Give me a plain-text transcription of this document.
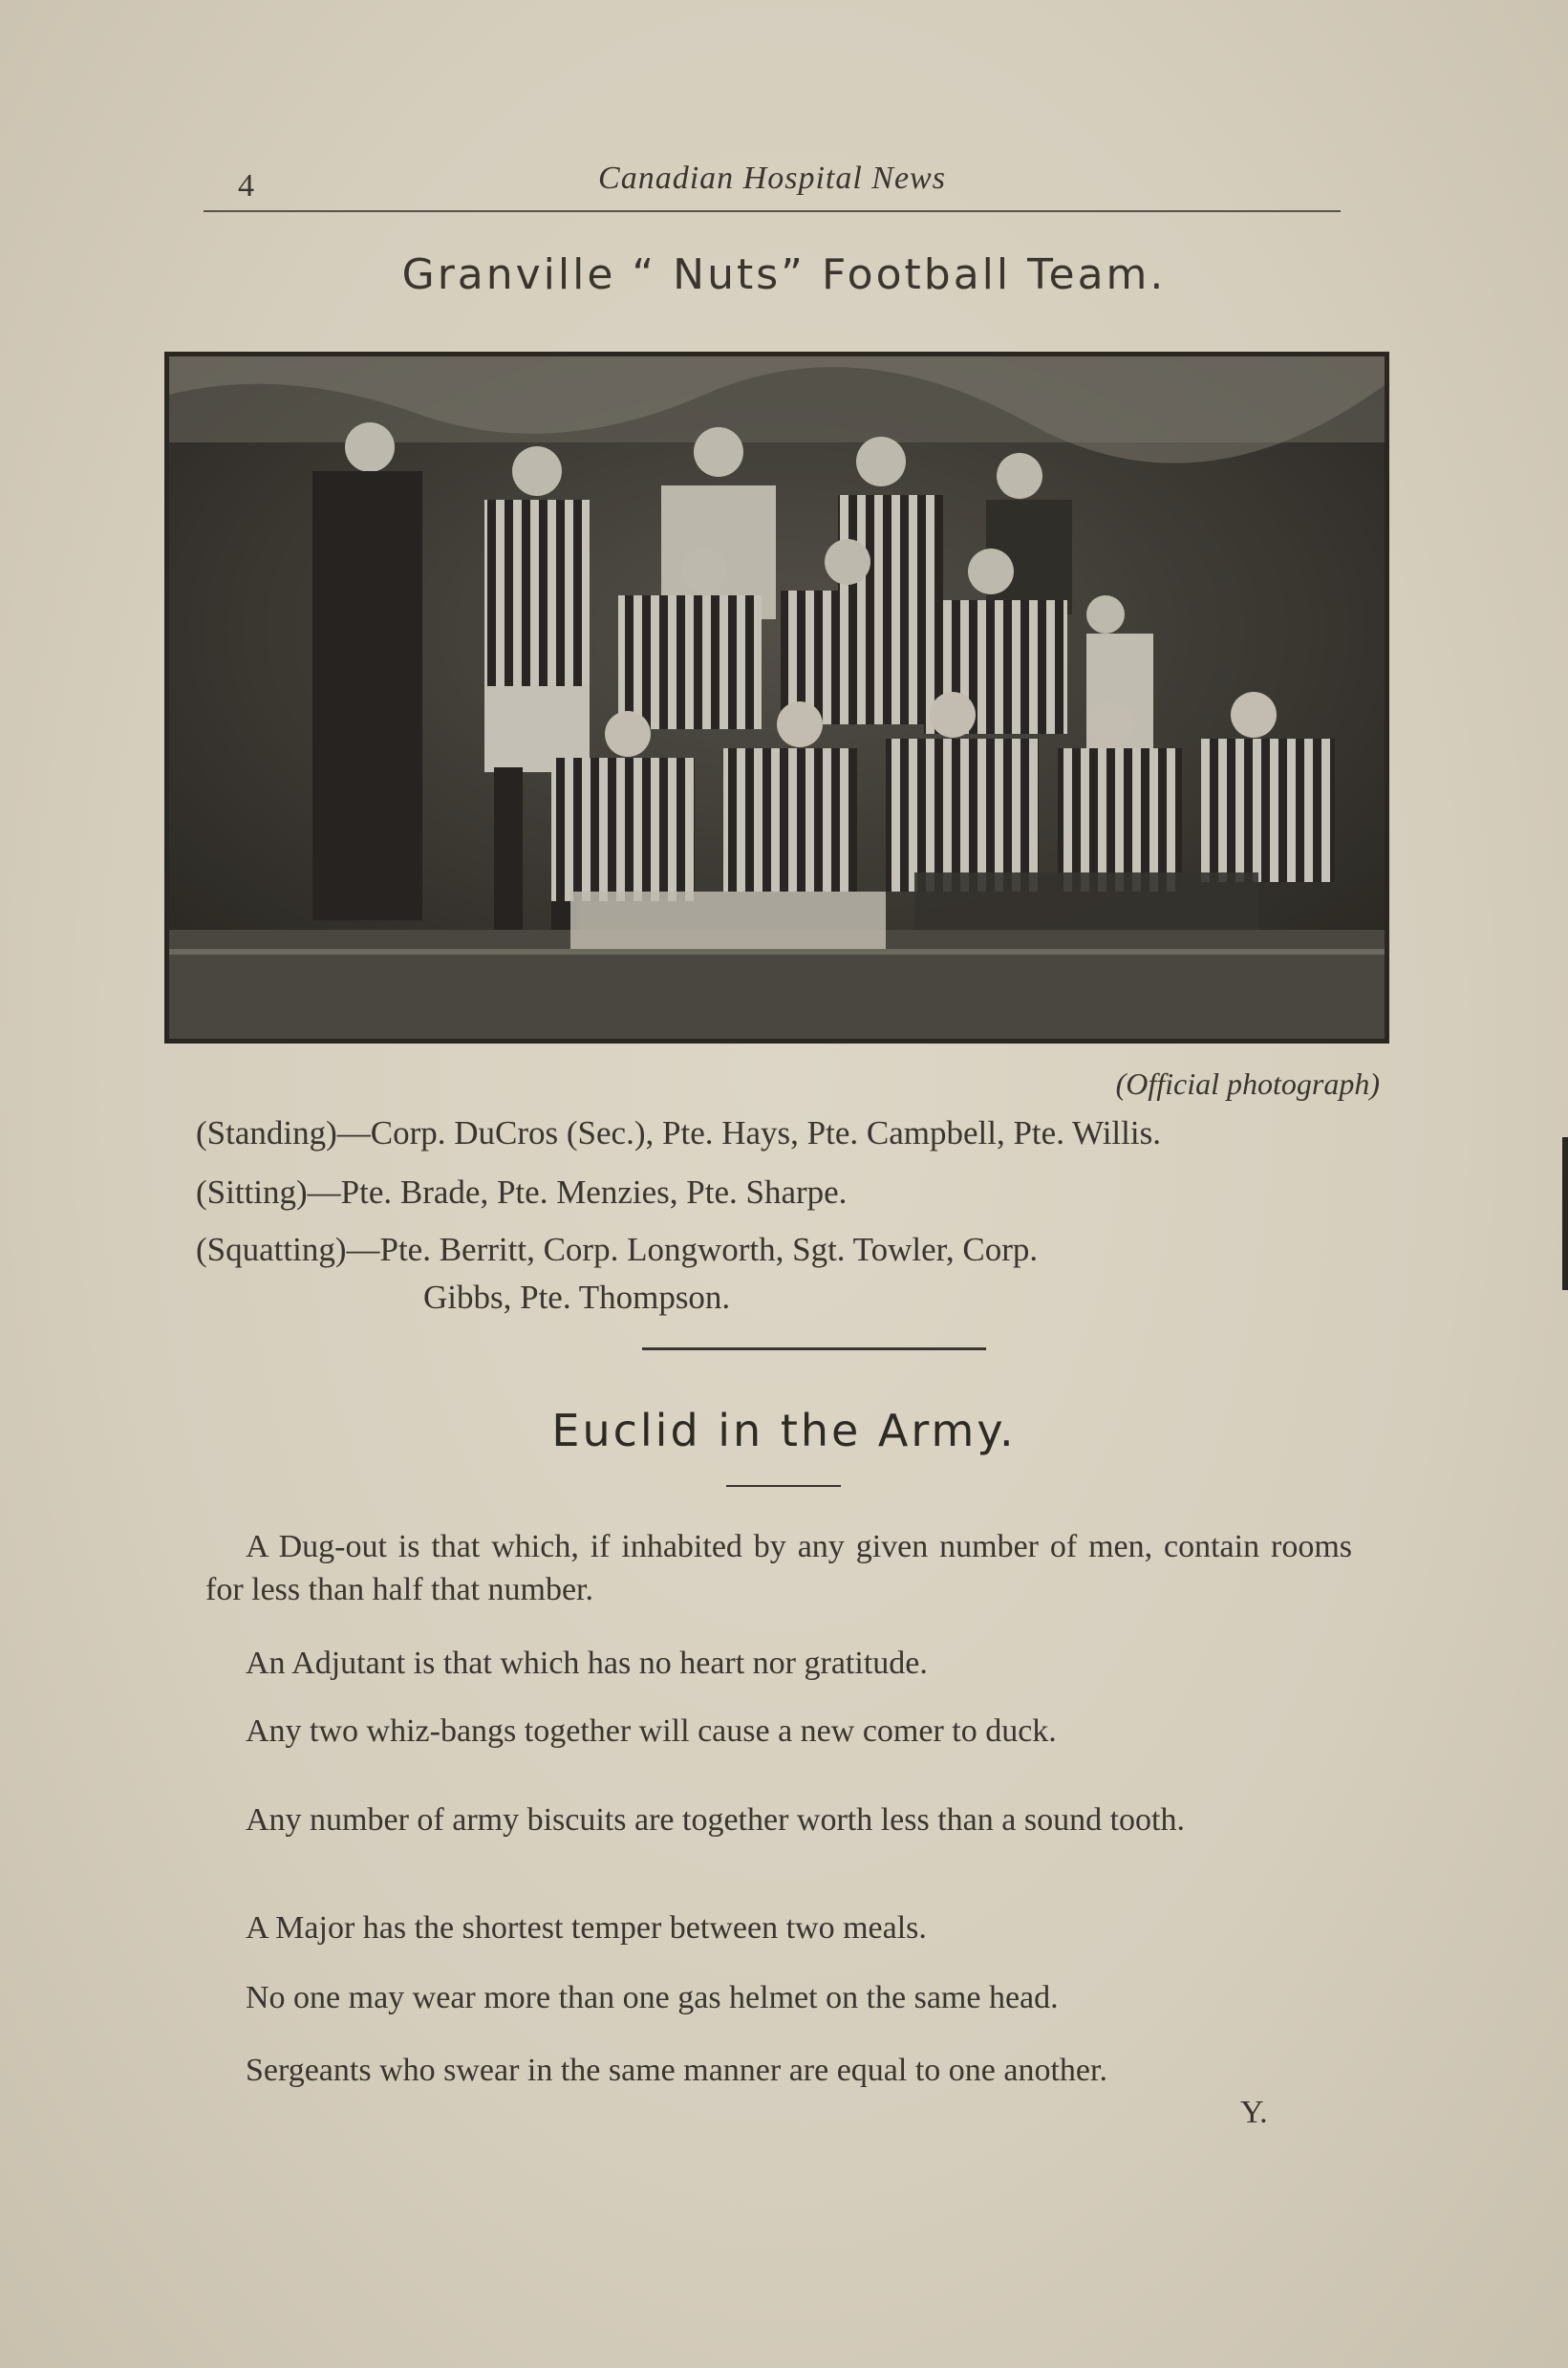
4	Canadian Hospital News
Granville “ Nuts” Football Team.
(Official photograph)
(Standing)—Corp. DuCros (Sec.), Pte. Hays, Pte. Campbell, Pte. Willis.
(Sitting)—Pte. Brade, Pte. Menzies, Pte. Sharpe.
(Squatting)—Pte. Berritt, Corp. Longworth, Sgt. Towler, Corp.
Gibbs, Pte. Thompson.
Euclid in the Army.
A Dug-out is that which, if inhabited by any given number of men, contain rooms for less than half that number.
An Adjutant is that which has no heart nor gratitude.
Any two whiz-bangs together will cause a new comer to duck.
Any number of army biscuits are together worth less than a sound tooth.
A Major has the shortest temper between two meals.
No one may wear more than one gas helmet on the same head.
Sergeants who swear in the same manner are equal to one another.
Y.
